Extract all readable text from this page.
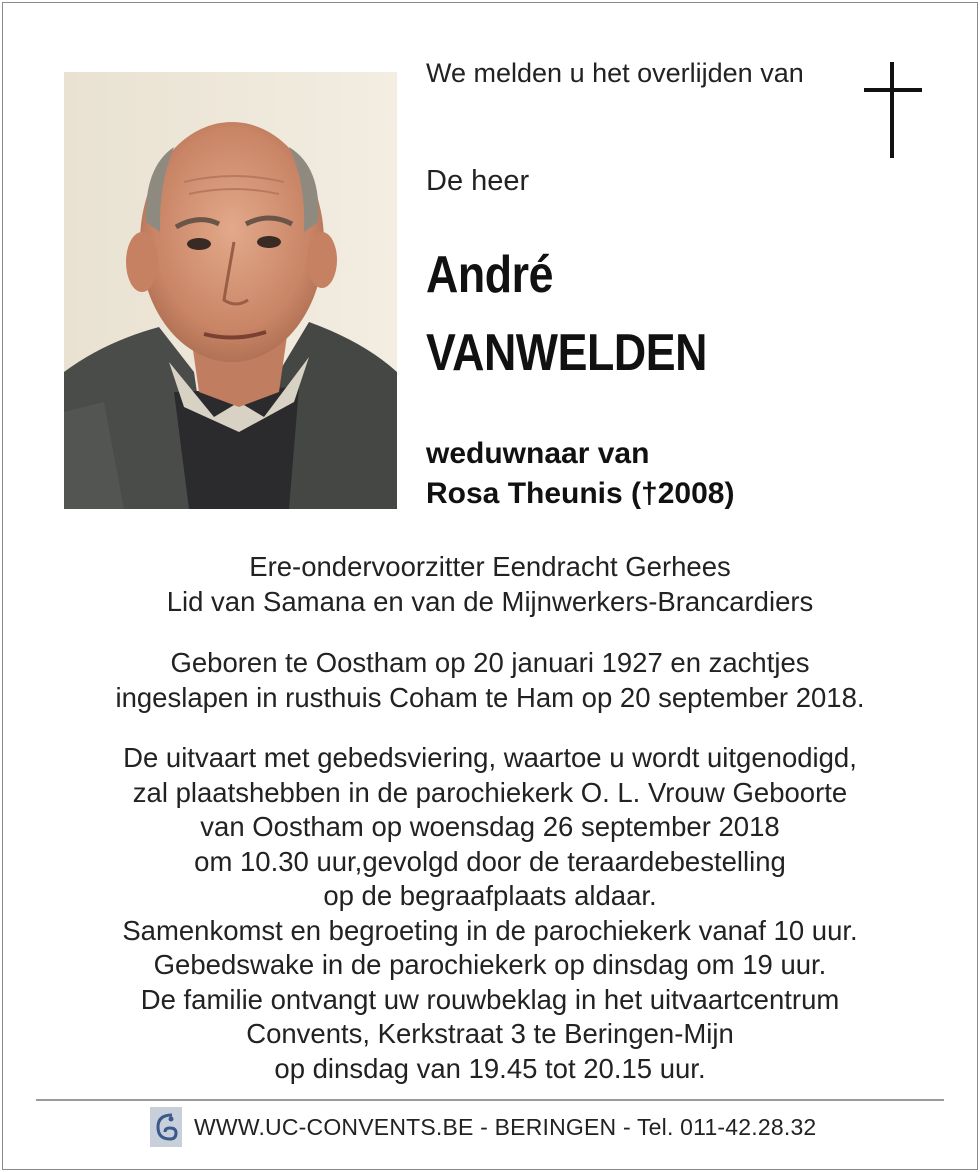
We melden u het overlijden van
De heer
André
VANWELDEN
weduwnaar van
Rosa Theunis (†2008)
Ere-ondervoorzitter Eendracht Gerhees
Lid van Samana en van de Mijnwerkers-Brancardiers
Geboren te Oostham op 20 januari 1927 en zachtjes
ingeslapen in rusthuis Coham te Ham op 20 september 2018.
De uitvaart met gebedsviering, waartoe u wordt uitgenodigd,
zal plaatshebben in de parochiekerk O. L. Vrouw Geboorte
van Oostham op woensdag 26 september 2018
om 10.30 uur,gevolgd door de teraardebestelling
op de begraafplaats aldaar.
Samenkomst en begroeting in de parochiekerk vanaf 10 uur.
Gebedswake in de parochiekerk op dinsdag om 19 uur.
De familie ontvangt uw rouwbeklag in het uitvaartcentrum
Convents, Kerkstraat 3 te Beringen-Mijn
op dinsdag van 19.45 tot 20.15 uur.
WWW.UC-CONVENTS.BE - BERINGEN - Tel. 011-42.28.32
